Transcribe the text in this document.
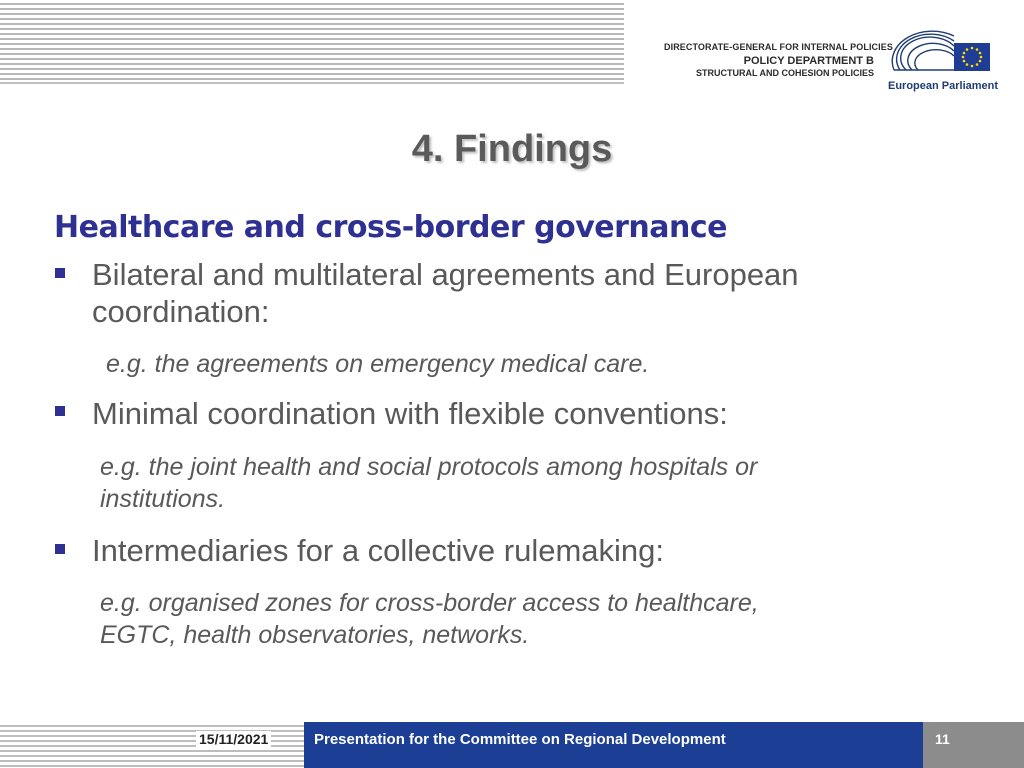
DIRECTORATE-GENERAL FOR INTERNAL POLICIES
POLICY DEPARTMENT B
STRUCTURAL AND COHESION POLICIES
European Parliament
4. Findings
Healthcare and cross-border governance
Bilateral and multilateral agreements and European coordination:
e.g. the agreements on emergency medical care.
Minimal coordination with flexible conventions:
e.g. the joint health and social protocols among hospitals or
institutions.
Intermediaries for a collective rulemaking:
e.g. organised zones for cross-border access to healthcare,
EGTC, health observatories, networks.
15/11/2021	Presentation for the Committee on Regional Development	11
